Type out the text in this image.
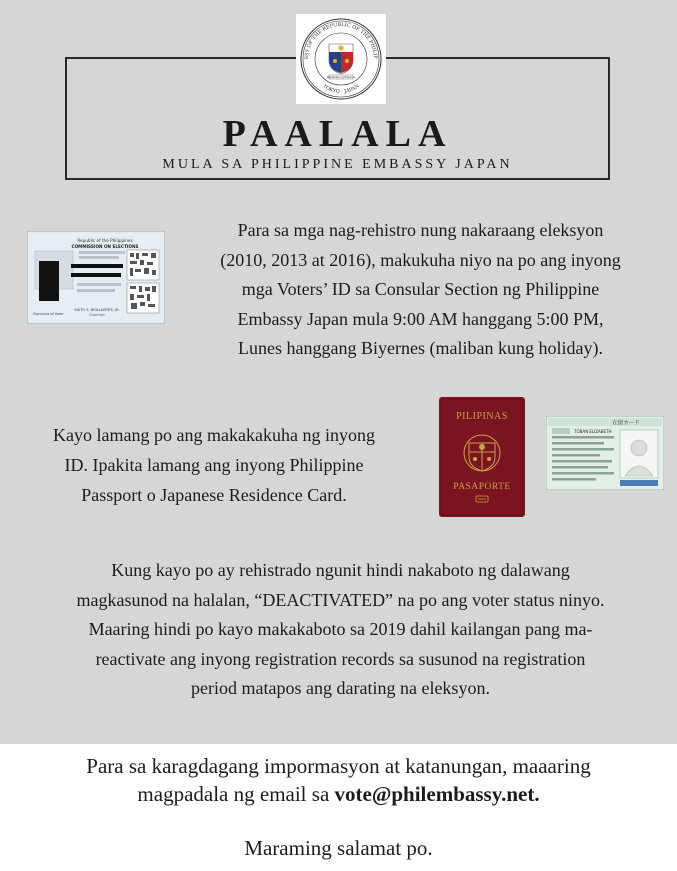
SSY OF THE REPUBLIC OF THE PHILIP
TOKYO · JAPAN
Republika ng Pilipinas
PAALALA
MULA SA PHILIPPINE EMBASSY JAPAN
Republic of the Philippines
COMMISSION ON ELECTIONS
Signature of Voter
SIXTO S. BRILLANTES, JR.
Chairman
Para sa mga nag-rehistro nung nakaraang eleksyon
(2010, 2013 at 2016), makukuha niyo na po ang inyong
mga Voters’ ID sa Consular Section ng Philippine
Embassy Japan mula 9:00 AM hanggang 5:00 PM,
Lunes hanggang Biyernes (maliban kung holiday).
Kayo lamang po ang makakakuha ng inyong
ID. Ipakita lamang ang inyong Philippine
Passport o Japanese Residence Card.
PILIPINAS
PASAPORTE
在留カード
TOBAN ELIZABETH
Kung kayo po ay rehistrado ngunit hindi nakaboto ng dalawang
magkasunod na halalan, “DEACTIVATED” na po ang voter status ninyo.
Maaring hindi po kayo makakaboto sa 2019 dahil kailangan pang ma-
reactivate ang inyong registration records sa susunod na registration
period matapos ang darating na eleksyon.
Para sa karagdagang impormasyon at katanungan, maaaring
magpadala ng email sa vote@philembassy.net.
Maraming salamat po.
